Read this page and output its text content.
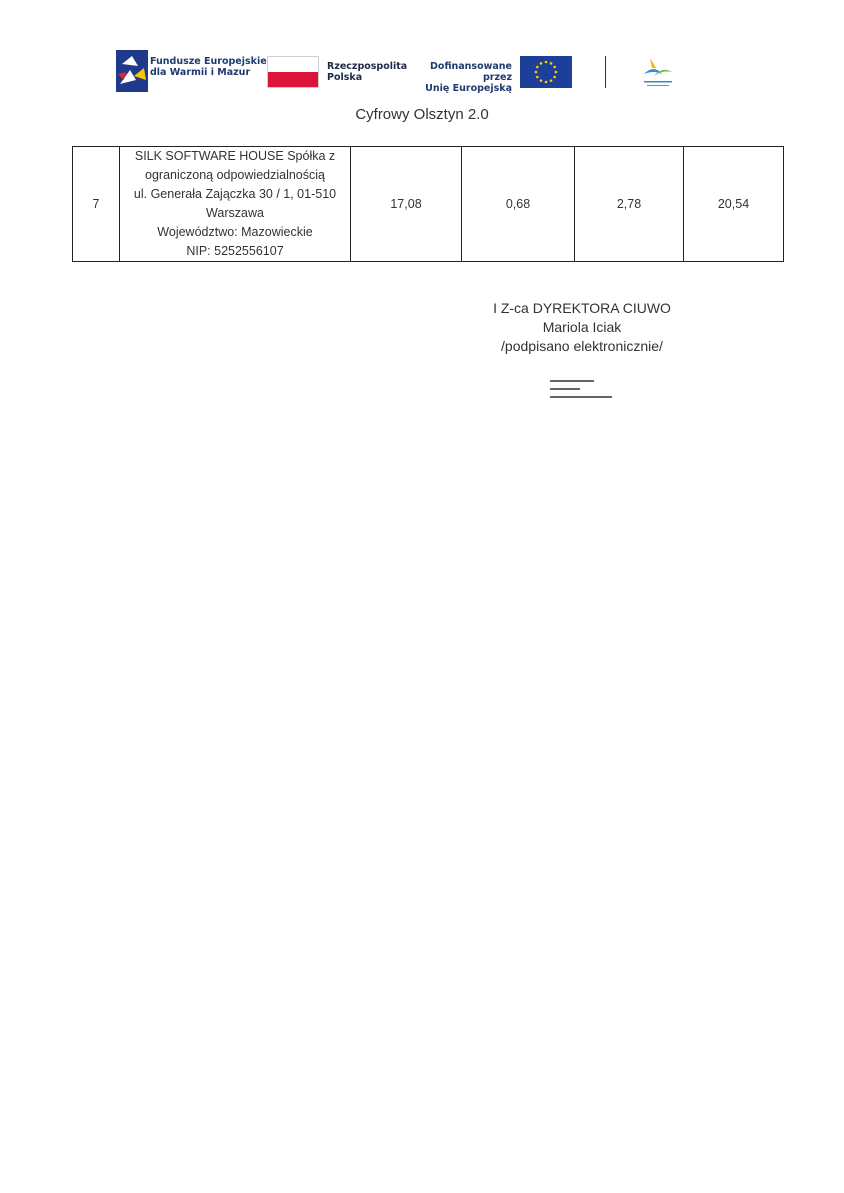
Fundusze Europejskie
dla Warmii i Mazur
Rzeczpospolita
Polska
Dofinansowane przez
Unię Europejską
Cyfrowy Olsztyn 2.0
7	
SILK SOFTWARE HOUSE Spółka z
ograniczoną odpowiedzialnością
ul. Generała Zajączka 30 / 1, 01-510
Warszawa
Województwo: Mazowieckie
NIP: 5252556107
	17,08	0,68	2,78	20,54
I Z-ca DYREKTORA CIUWO
Mariola Iciak
/podpisano elektronicznie/
